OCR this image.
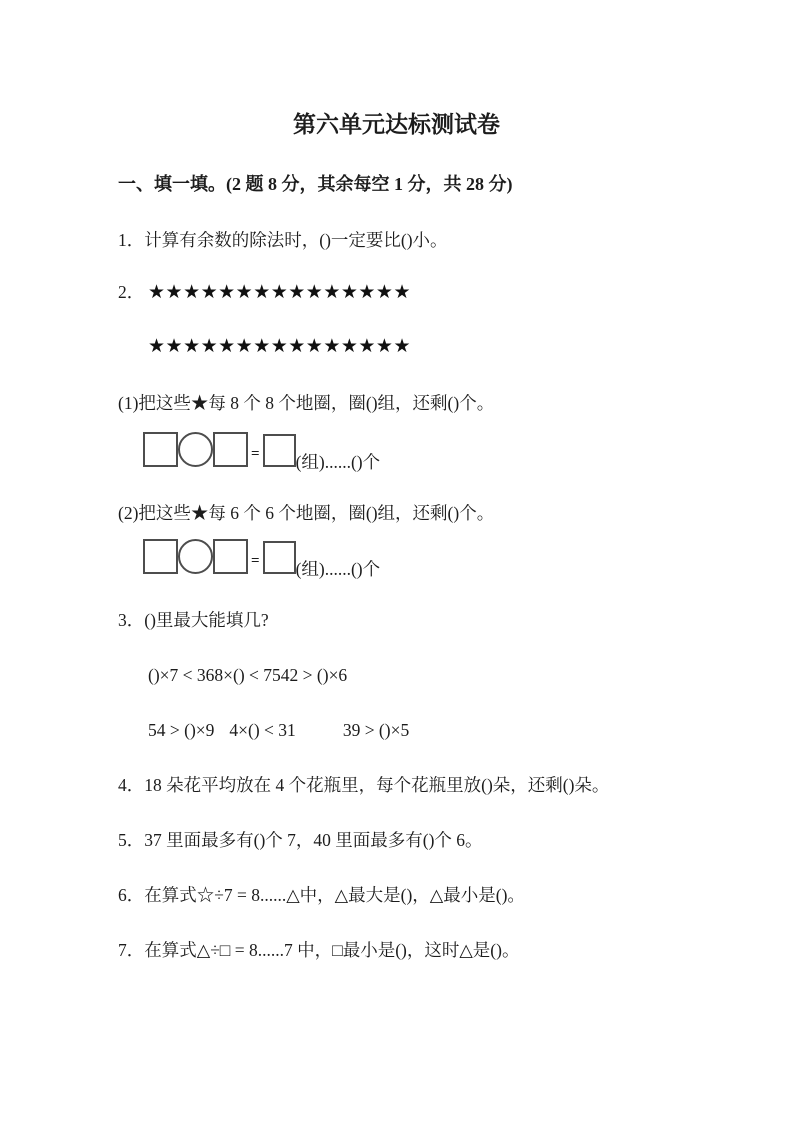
第六单元达标测试卷
一、填一填。(2 题 8 分，其余每空 1 分，共 28 分)
1．计算有余数的除法时，()一定要比()小。
2． ★★★★★★★★★★★★★★★
★★★★★★★★★★★★★★★
(1)把这些★每 8 个 8 个地圈，圈()组，还剩()个。
= (组)......()个
(2)把这些★每 6 个 6 个地圈，圈()组，还剩()个。
= (组)......()个
3．()里最大能填几?
()×7 < 368×() < 7542 > ()×6
54 > ()×9 4×() < 31	39 > ()×5
4．18 朵花平均放在 4 个花瓶里，每个花瓶里放()朵，还剩()朵。
5．37 里面最多有()个 7，40 里面最多有()个 6。
6．在算式☆÷7 = 8......△中，△最大是()，△最小是()。
7．在算式△÷□ = 8......7 中，□最小是()，这时△是()。
